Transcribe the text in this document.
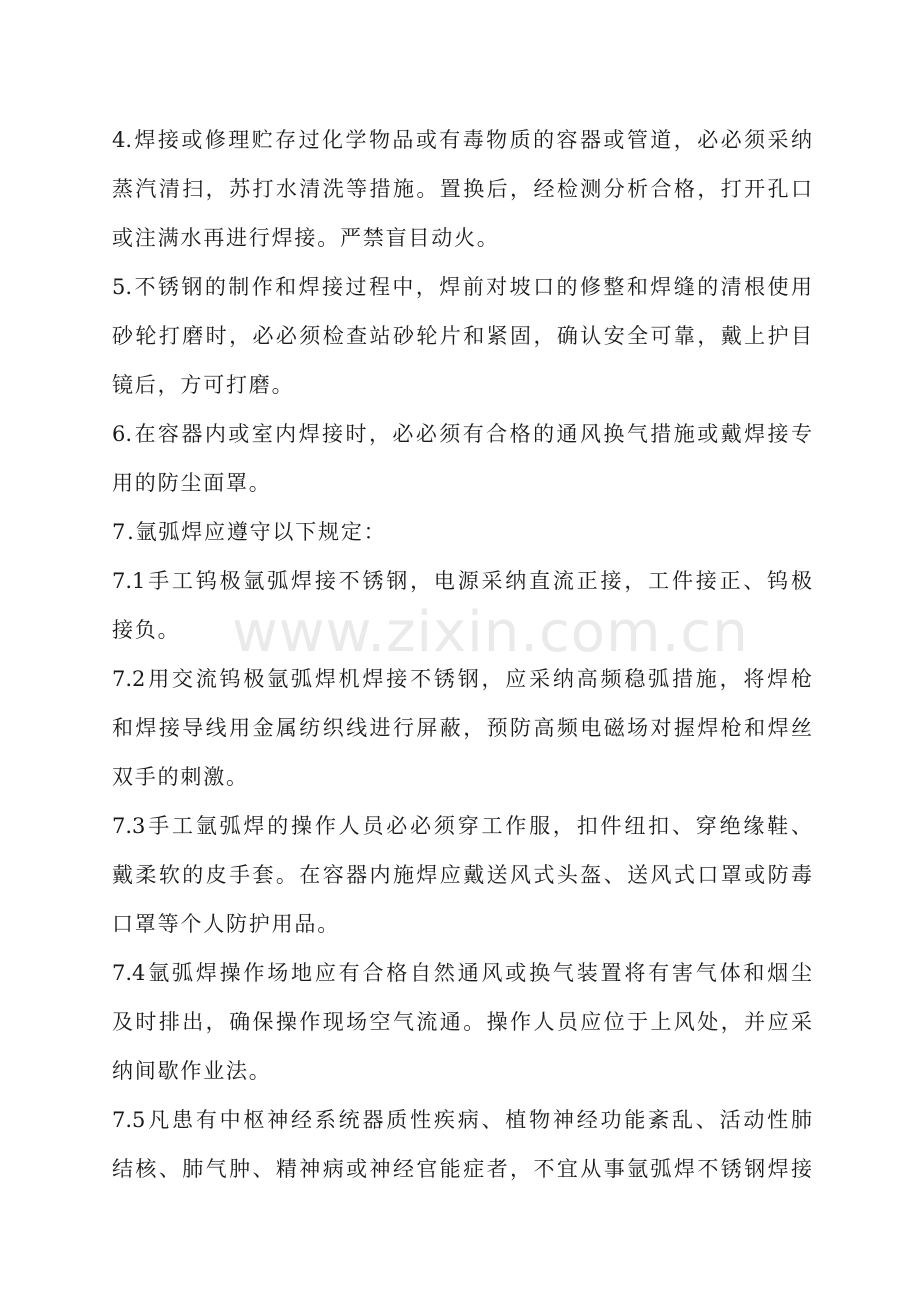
4.焊接或修理贮存过化学物品或有毒物质的容器或管道，必必须采纳
蒸汽清扫，苏打水清洗等措施。置换后，经检测分析合格，打开孔口
或注满水再进行焊接。严禁盲目动火。
5.不锈钢的制作和焊接过程中，焊前对坡口的修整和焊缝的清根使用
砂轮打磨时，必必须检查站砂轮片和紧固，确认安全可靠，戴上护目
镜后，方可打磨。
6.在容器内或室内焊接时，必必须有合格的通风换气措施或戴焊接专
用的防尘面罩。
7.氩弧焊应遵守以下规定：
7.1手工钨极氩弧焊接不锈钢，电源采纳直流正接，工件接正、钨极
接负。
7.2用交流钨极氩弧焊机焊接不锈钢，应采纳高频稳弧措施，将焊枪
和焊接导线用金属纺织线进行屏蔽，预防高频电磁场对握焊枪和焊丝
双手的刺激。
7.3手工氩弧焊的操作人员必必须穿工作服，扣件纽扣、穿绝缘鞋、
戴柔软的皮手套。在容器内施焊应戴送风式头盔、送风式口罩或防毒
口罩等个人防护用品。
7.4氩弧焊操作场地应有合格自然通风或换气装置将有害气体和烟尘
及时排出，确保操作现场空气流通。操作人员应位于上风处，并应采
纳间歇作业法。
7.5凡患有中枢神经系统器质性疾病、植物神经功能紊乱、活动性肺
结核、肺气肿、精神病或神经官能症者，不宜从事氩弧焊不锈钢焊接
www.zixin.com.cn
